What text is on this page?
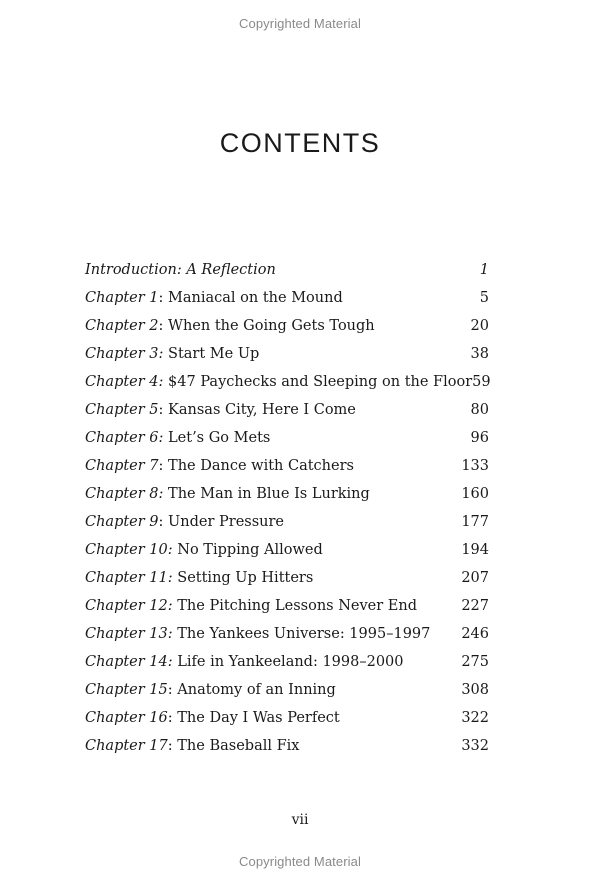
Copyrighted Material
CONTENTS
Introduction: A Reflection	1
Chapter 1: Maniacal on the Mound	5
Chapter 2: When the Going Gets Tough	20
Chapter 3: Start Me Up	38
Chapter 4: $47 Paychecks and Sleeping on the Floor 59
Chapter 5: Kansas City, Here I Come	80
Chapter 6: Let’s Go Mets	96
Chapter 7: The Dance with Catchers	133
Chapter 8: The Man in Blue Is Lurking	160
Chapter 9: Under Pressure	177
Chapter 10: No Tipping Allowed	194
Chapter 11: Setting Up Hitters	207
Chapter 12: The Pitching Lessons Never End	227
Chapter 13: The Yankees Universe: 1995–1997 246
Chapter 14: Life in Yankeeland: 1998–2000	275
Chapter 15: Anatomy of an Inning	308
Chapter 16: The Day I Was Perfect	322
Chapter 17: The Baseball Fix	332
vii
Copyrighted Material
